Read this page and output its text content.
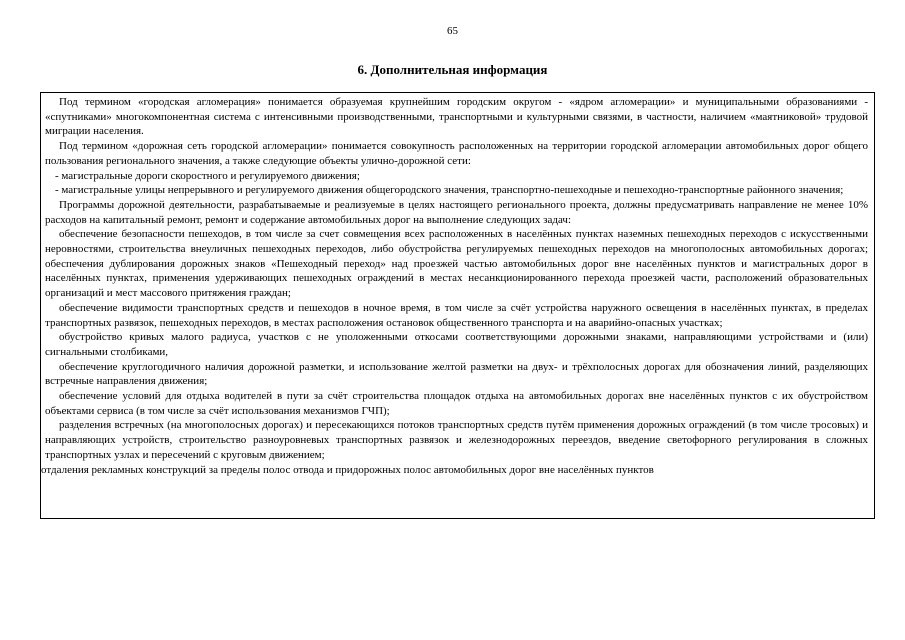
65
6. Дополнительная информация

Под термином «городская агломерация» понимается образуемая крупнейшим городским округом - «ядром агломерации» и муниципальными образованиями - «спутниками» многокомпонентная система с интенсивными производственными, транспортными и культурными связями, в частности, наличием «маятниковой» трудовой миграции населения.

Под термином «дорожная сеть городской агломерации» понимается совокупность расположенных на территории городской агломерации автомобильных дорог общего пользования регионального значения, а также следующие объекты улично-дорожной сети:

- магистральные дороги скоростного и регулируемого движения;

- магистральные улицы непрерывного и регулируемого движения общегородского значения, транспортно-пешеходные и пешеходно-транспортные районного значения;

Программы дорожной деятельности, разрабатываемые и реализуемые в целях настоящего регионального проекта, должны предусматривать направление не менее 10% расходов на капитальный ремонт, ремонт и содержание автомобильных дорог на выполнение следующих задач:

обеспечение безопасности пешеходов, в том числе за счет совмещения всех расположенных в населённых пунктах наземных пешеходных переходов с искусственными неровностями, строительства внеуличных пешеходных переходов, либо обустройства регулируемых пешеходных переходов на многополосных автомобильных дорогах; обеспечения дублирования дорожных знаков «Пешеходный переход» над проезжей частью автомобильных дорог вне населённых пунктов и магистральных дорог в населённых пунктах, применения удерживающих пешеходных ограждений в местах несанкционированного перехода проезжей части, расположений образовательных организаций и мест массового притяжения граждан;

обеспечение видимости транспортных средств и пешеходов в ночное время, в том числе за счёт устройства наружного освещения в населённых пунктах, в пределах транспортных развязок, пешеходных переходов, в местах расположения остановок общественного транспорта и на аварийно-опасных участках;

обустройство кривых малого радиуса, участков с не уположенными откосами соответствующими дорожными знаками, направляющими устройствами и (или) сигнальными столбиками,

обеспечение круглогодичного наличия дорожной разметки, и использование желтой разметки на двух- и трёхполосных дорогах для обозначения линий, разделяющих встречные направления движения;

обеспечение условий для отдыха водителей в пути за счёт строительства площадок отдыха на автомобильных дорогах вне населённых пунктов с их обустройством объектами сервиса (в том числе за счёт использования механизмов ГЧП);

разделения встречных (на многополосных дорогах) и пересекающихся потоков транспортных средств путём применения дорожных ограждений (в том числе тросовых) и направляющих устройств, строительство разноуровневых транспортных развязок и железнодорожных переездов, введение светофорного регулирования в сложных транспортных узлах и пересечений с круговым движением;

отдаления рекламных конструкций за пределы полос отвода и придорожных полос автомобильных дорог вне населённых пунктов
